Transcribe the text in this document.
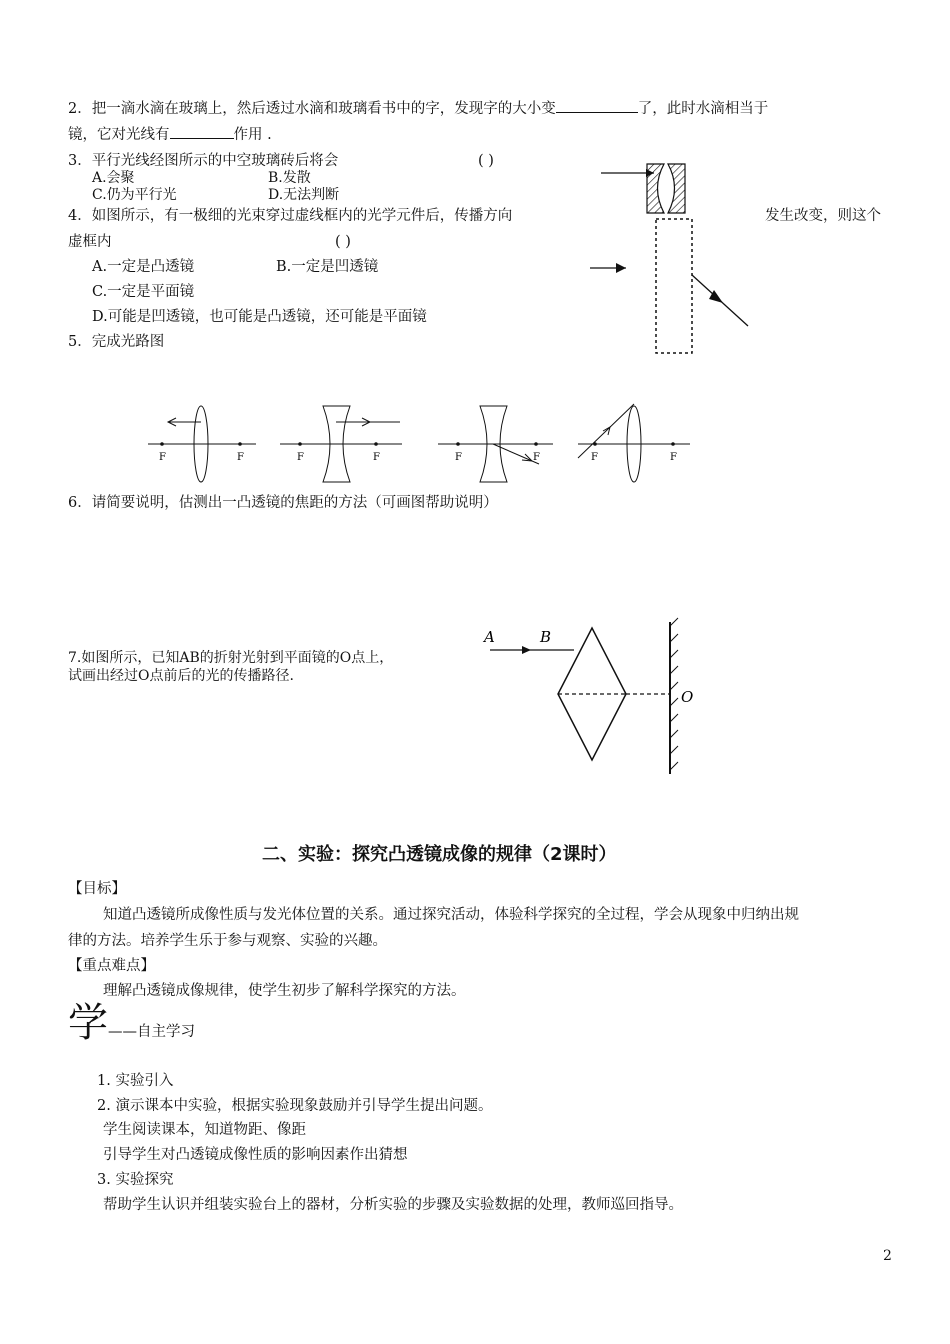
2．把一滴水滴在玻璃上，然后透过水滴和玻璃看书中的字，发现字的大小变	了，此时水滴相当于
镜，它对光线有	作用 .
3．平行光线经图所示的中空玻璃砖后将会	( )
A.会聚	B.发散
C.仍为平行光	D.无法判断
4．如图所示，有一极细的光束穿过虚线框内的光学元件后，传播方向	发生改变，则这个
虚框内	( )
A.一定是凸透镜	B.一定是凹透镜
C.一定是平面镜
D.可能是凹透镜，也可能是凸透镜，还可能是平面镜
5．完成光路图
F	F	F	F	F	F	F	F
6．请简要说明，估测出一凸透镜的焦距的方法（可画图帮助说明）
7.如图所示，已知AB的折射光射到平面镜的O点上，
试画出经过O点前后的光的传播路径.
A	B
O
二、实验：探究凸透镜成像的规律（2课时）
【目标】
知道凸透镜所成像性质与发光体位置的关系。通过探究活动，体验科学探究的全过程，学会从现象中归纳出规
律的方法。培养学生乐于参与观察、实验的兴趣。
【重点难点】
理解凸透镜成像规律，使学生初步了解科学探究的方法。
学 ——自主学习
1. 实验引入
2. 演示课本中实验，根据实验现象鼓励并引导学生提出问题。
学生阅读课本，知道物距、像距
引导学生对凸透镜成像性质的影响因素作出猜想
3. 实验探究
帮助学生认识并组装实验台上的器材，分析实验的步骤及实验数据的处理，教师巡回指导。
2
